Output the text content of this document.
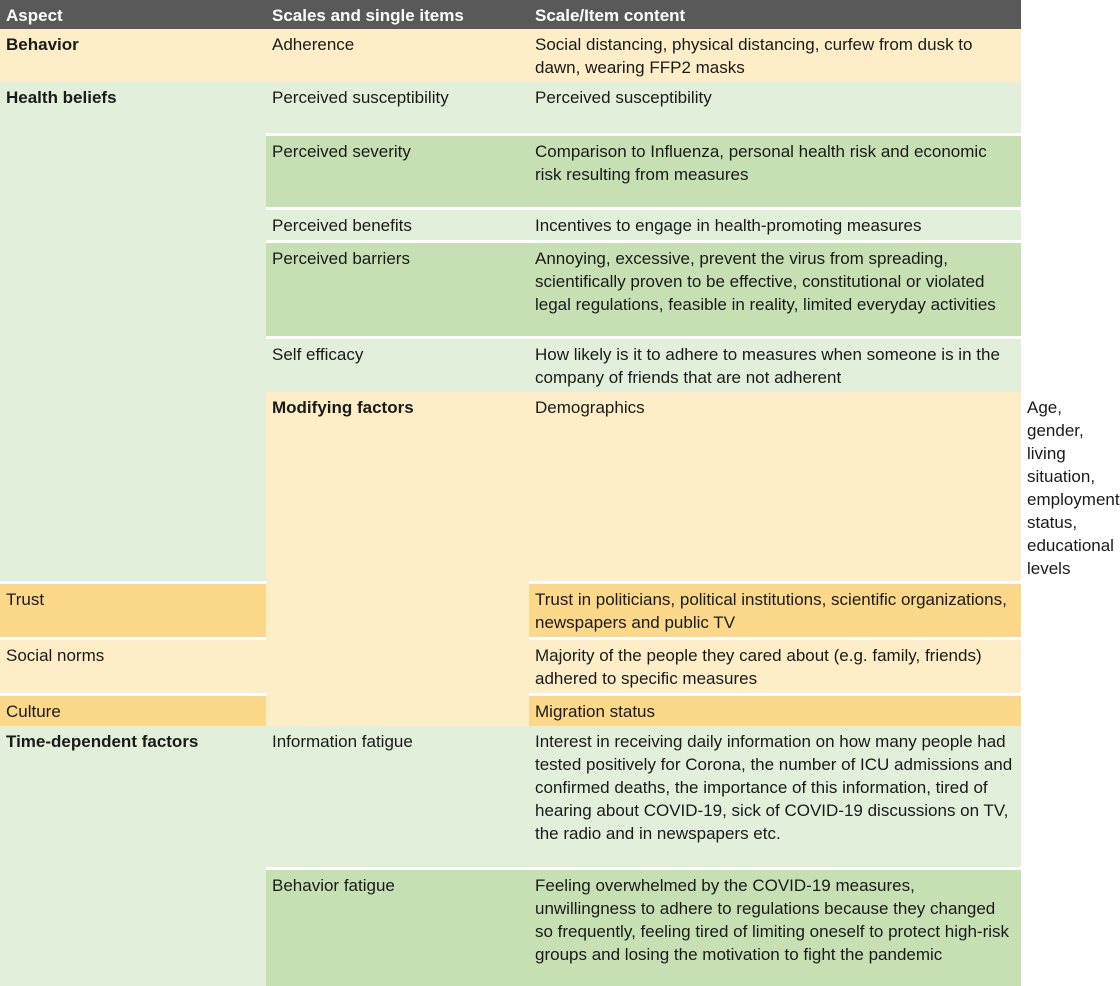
Aspect	Scales and single items	Scale/Item content	
Behavior	Adherence	Social distancing, physical distancing, curfew from dusk to dawn, wearing FFP2 masks	
Health beliefs	Perceived susceptibility	Perceived susceptibility	
	Perceived severity	Comparison to Influenza, personal health risk and economic risk resulting from measures	
	Perceived benefits	Incentives to engage in health-promoting measures	
	Perceived barriers	Annoying, excessive, prevent the virus from spreading, scientifically proven to be effective, constitutional or violated legal regulations, feasible in reality, limited everyday activities	
	Self efficacy	How likely is it to adhere to measures when someone is in the company of friends that are not adherent	
	Modifying factors	Demographics	Age, gender, living situation, employment status, educational levels
Trust		Trust in politicians, political institutions, scientific organizations, newspapers and public TV	
Social norms		Majority of the people they cared about (e.g. family, friends) adhered to specific measures	
Culture		Migration status	
Time-dependent factors	Information fatigue	Interest in receiving daily information on how many people had tested positively for Corona, the number of ICU admissions and confirmed deaths, the importance of this information, tired of hearing about COVID-19, sick of COVID-19 discussions on TV, the radio and in newspapers etc.	
	Behavior fatigue	Feeling overwhelmed by the COVID-19 measures, unwillingness to adhere to regulations because they changed so frequently, feeling tired of limiting oneself to protect high-risk groups and losing the motivation to fight the pandemic	
